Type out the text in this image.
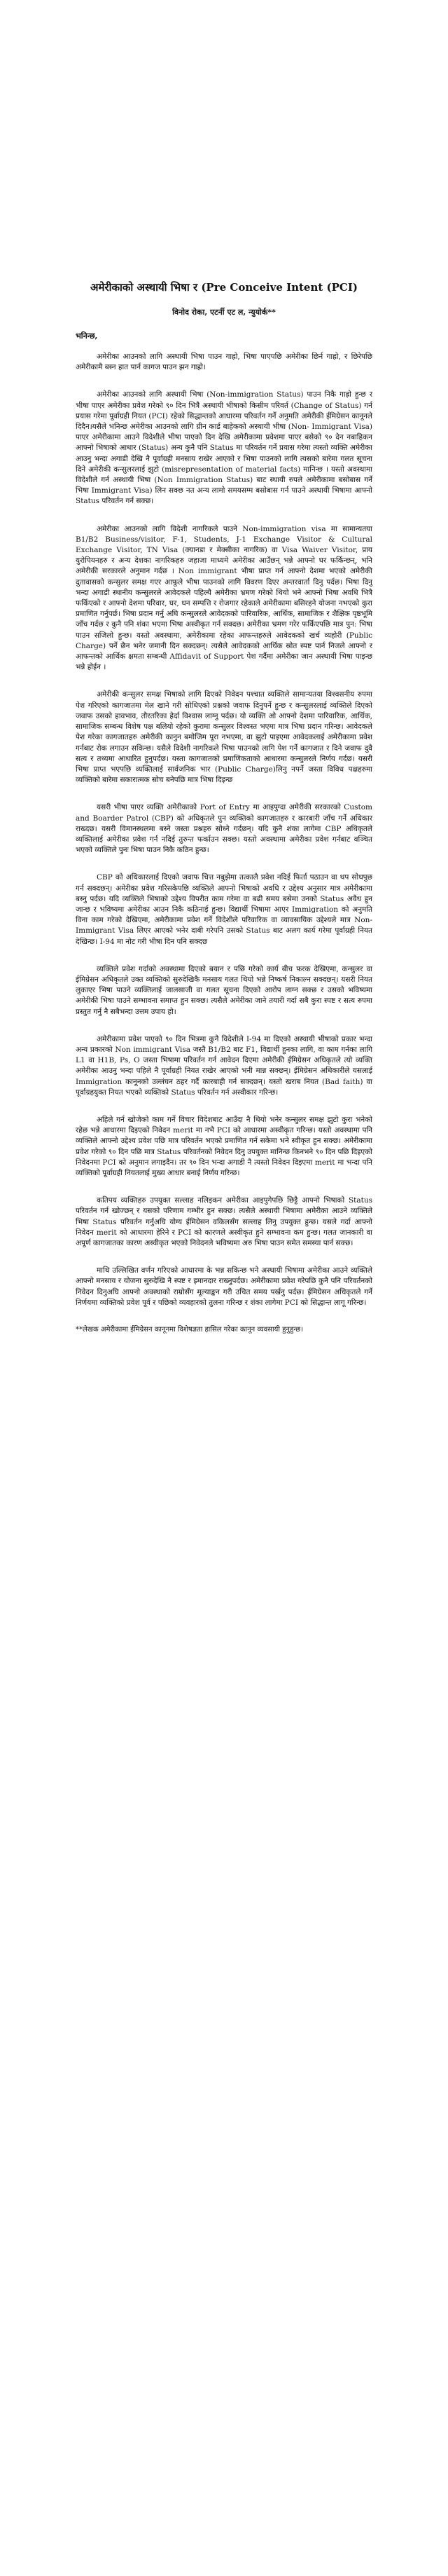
अमेरीकाको अस्थायी भिषा र (Pre Conceive Intent (PCI)
विनोद रोका, एटर्नी एट ल, न्युयोर्क**
भनिन्छ,

अमेरीका आउनको लागि अस्थायी भिषा पाउन गाह्रो, भिषा पाएपछि अमेरीका छिर्न गाह्रो, र छिरेपछि अमेरीकामै बस्न हात पार्न कागज पाउन झन गाह्रो।

अमेरीका आउनको लागि अस्थायी भिषा (Non-immigration Status) पाउन निकै गाह्रो हुन्छ र भीषा पाएर अमेरीका प्रवेश गरेको ९० दिन भित्रै अस्थायी भीषाको किसीम परिवर्त (Change of Status) गर्न प्रयास गरेमा पूर्वाग्रही नियत (PCI) रहेको सिद्धान्तको आधारमा परिवर्तन गर्ने अनुमति अमेरीकी ईमिग्रेसन कानूनले दिदैन।यसैले भनिन्छ अमेरीका आउनको लागि ग्रीन कार्ड बाहेकको अस्थायी भीषा (Non- Immigrant Visa) पाएर अमेरीकामा आउने विदेशीले भीषा पाएको दिन देखि अमेरीकामा प्रवेशमा पाएर बसेको ९० देन नबाहिकन आफ्नो भिषाको आधार (Status) अन्य कुनै पनि Status मा परिवर्तन गर्ने प्रयास गरेमा त्यस्तो व्यक्ति अमेरीका आउनु भन्दा अगाडी देखि नै पूर्वाग्रही मनसाय राखेर आएको र भिषा पाउनको लागि त्यसको बारेमा गलत सूचना दिने अमेरीकी कन्सुलरलाई झुटो (misrepresentation of material facts) मानिन्छ । यस्तो अवस्थामा विदेशीले गर्न अस्थायी भिषा (Non Immigration Status) बाट स्थायी रुपले अमेरीकामा बसोबास गर्ने भिषा Immigrant Visa) लिन सक्छ नत अन्य लामो समयसम्म बसोबास गर्न पाउने अस्थायी भिषामा आफ्नो Status परिवर्तन गर्न सक्छ।

अमेरीका आउनको लागि विदेशी नागरिकले पाउने Non-immigration visa मा सामान्यतया B1/B2 Business/visitor, F-1, Students, J-1 Exchange Visitor & Cultural Exchange Visitor, TN Visa (क्यानडा र मेक्सीका नागरिक) वा Visa Waiver Visitor, प्राय युरोपियनहरु र अन्य देशका नागरिकहरु जहाजा माध्यमे अमेरीका आउँछन् भन्ने आफ्नो घर फर्किन्छन्, भनि अमेरीकी सरकारले अनुमान गर्दछ । Non immigrant भीषा प्राप्त गर्न आफ्नो देशमा भएको अमेरीकी दुतावासको कन्सुलर समक्ष गएर आफूले भीषा पाउनको लागि विवरण दिएर अन्तरवार्ता दिनु पर्दछ। भिषा दिनु भन्दा अगाडी स्थानीय कन्सुलरले आवेदकले पहिल्यै अमेरीका भ्रमण गरेको थियो भने आफ्नो भिषा अवधि भित्रै फर्किएको र आफ्नो देशमा परिवार, घर, धन सम्पत्ति र रोजगार रहेकाले अमेरीकामा बसिरहने योजना नभएको कुरा प्रमाणित गर्नुपर्छ। भिषा प्रदान गर्नु अघि कन्सुलरले आवेदकको पारिवारिक, आर्थिक, सामाजिक र शैक्षिक पृष्ठभूमि जाँच गर्दछ र कुनै पनि शंका भएमा भिषा अस्वीकृत गर्न सक्दछ। अमेरीका भ्रमण गरेर फर्किएपछि मात्र पुन: भिषा पाउन सजिलो हुन्छ। यस्तो अवस्थामा, अमेरीकामा रहेका आफन्तहरुले आवेदकको खर्च व्यहोरी (Public Charge) पर्ने छैन भनेर जमानी दिन सक्दछन्। त्यसैले आवेदकको आर्थिक स्रोत स्पष्ट पार्न निजले आफ्नो र आफन्तको आर्थिक क्षमता सम्बन्धी Affidavit of Support पेश गर्दैमा अमेरीका जान अस्थायी भिषा पाइन्छ भन्ने होईन ।

अमेरीकी कन्सुलर समक्ष भिषाको लागि दिएको निवेदन पश्चात व्यक्तिले सामान्यतया विश्वसनीय रुपमा पेश गरिएको कागजातमा मेल खाने गरी सोधिएको प्रश्नको जवाफ दिनुपर्ने हुन्छ र कन्सुलरलाई व्यक्तिले दिएको जवाफ उसको हावभाव, तौरतरिका हेर्दा विश्वास लाग्नु पर्दछ। यो व्यक्ति ओ आफ्नो देशमा पारिवारिक, आर्थिक, सामाजिक सम्बन्ध विशेष पक्ष बलियो रहेको कुरामा कन्सुलर विश्वस्त भएमा मात्र भिषा प्रदान गरिन्छ। आवेदकले पेश गरेका कागजातहरु अमेरीकी कानुन बमोजिम पूरा नभएमा, वा झुटो पाइएमा आवेदकलाई अमेरीकामा प्रवेश गर्नबाट रोक लगाउन सकिन्छ। यसैले विदेशी नागरिकले भिषा पाउनको लागि पेश गर्ने कागजात र दिने जवाफ दुवै सत्य र तथ्यमा आधारित हुनुपर्दछ। यस्ता कागजातको प्रमाणिकताको आधारमा कन्सुलरले निर्णय गर्दछ। यसरी भिषा प्राप्त भएपछि व्यक्तिलाई सार्वजनिक भार (Public Charge)लिनु नपर्ने जस्ता विविध पक्षहरुमा व्यक्तिको बारेमा सकारात्मक सोच बनेपछि मात्र भिषा दिइन्छ

यसरी भीषा पाएर व्यक्ति अमेरीकाको Port of Entry मा आइपुग्दा अमेरीकी सरकारको Custom and Boarder Patrol (CBP) को अधिकृतले पुन व्यक्तिको कागजातहरु र कारबारी जाँच गर्ने अधिकार राख्दछ। यसरी विमानस्थलमा बस्ने जस्ता प्रश्नहरु सोध्ने गर्दछन्। यदि कुनै शंका लागेमा CBP अधिकृतले व्यक्तिलाई अमेरीका प्रवेश गर्न नदिई तुरुन्त फर्काउन सक्छ। यस्तो अवस्थामा अमेरीका प्रवेश गर्नबाट वञ्चित भएको व्यक्तिले पुनः भिषा पाउन निकै कठिन हुन्छ।

CBP को अधिकारलाई दिएको जवाफ चित्त नबुझेमा तत्कालै प्रवेश नदिई फिर्ता पठाउन वा थप सोधपुछ गर्न सक्दछन्। अमेरीका प्रवेश गरिसकेपछि व्यक्तिले आफ्नो भिषाको अवधि र उद्देश्य अनुसार मात्र अमेरीकामा बस्नु पर्दछ। यदि व्यक्तिले भिषाको उद्देश्य विपरीत काम गरेमा वा बढी समय बसेमा उनको Status अवैध हुन जान्छ र भविष्यमा अमेरीका आउन निकै कठिनाई हुन्छ। विद्यार्थी भिषामा आएर Immigration को अनुमति विना काम गरेको देखिएमा, अमेरीकामा प्रवेश गर्ने विदेशीले परिवारिक वा व्यावसायिक उद्देश्यले मात्र Non- Immigrant Visa लिएर आएको भनेर दाबी गरेपनि उसको Status बाट अलग कार्य गरेमा पूर्वाग्रही नियत देखिन्छ। I-94 मा नोट गरी भीषा दिन पनि सक्दछ

व्यक्तिले प्रवेश गर्दाको अवस्थामा दिएको बयान र पछि गरेको कार्य बीच फरक देखिएमा, कन्सुलर वा ईमिग्रेसन अधिकृतले उक्त व्यक्तिको सुरुदेखिकै मनसाय गलत थियो भन्ने निष्कर्ष निकाल्न सक्दछन्। यसरी नियत लुकाएर भिषा पाउने व्यक्तिलाई जालसाजी वा गलत सूचना दिएको आरोप लाग्न सक्छ र उसको भविष्यमा अमेरीकी भिषा पाउने सम्भावना समाप्त हुन सक्छ। त्यसैले अमेरीका जाने तयारी गर्दा सबै कुरा स्पष्ट र सत्य रुपमा प्रस्तुत गर्नु नै सबैभन्दा उत्तम उपाय हो।

अमेरीकामा प्रवेश पाएको ९० दिन भित्रमा कुनै विदेशीले I-94 मा दिएको अस्थायी भीषाको प्रकार भन्दा अन्य प्रकारको Non immigrant Visa जस्तै B1/B2 बाट F1, विद्यार्थी हुनका लागि, वा काम गर्नका लागि L1 वा H1B, Ps, O जस्ता भिषामा परिवर्तन गर्न आवेदन दिएमा अमेरीकी ईमिग्रेसन अधिकृतले त्यो व्यक्ति अमेरीका आउनु भन्दा पहिले नै पूर्वाग्रही नियत राखेर आएको भनी मान्न सक्छन्। ईमिग्रेसन अधिकारीले यसलाई Immigration कानूनको उल्लंघन ठहर गर्दै कारबाही गर्न सक्दछन्। यस्तो खराब नियत (Bad faith) वा पूर्वाग्रहयुक्त नियत भएको व्यक्तिको Status परिवर्तन गर्न अस्वीकार गरिन्छ।

अहिले गर्न खोजेको काम गर्ने विचार विदेशबाट आउँदा नै थियो भनेर कन्सुलर समक्ष झुटो कुरा भनेको रहेछ भन्ने आधारमा दिइएको निवेदन merit मा नभै PCI को आधारमा अस्वीकृत गरिन्छ। यस्तो अवस्थामा पनि व्यक्तिले आफ्नो उद्देश्य प्रवेश पछि मात्र परिवर्तन भएको प्रमाणित गर्न सकेमा भने स्वीकृत हुन सक्छ। अमेरीकामा प्रवेश गरेको ९० दिन पछि मात्र Status परिवर्तनको निवेदन दिनु उपयुक्त मानिन्छ किनभने ९० दिन पछि दिइएको निवेदनमा PCI को अनुमान लगाइदैन। तर ९० दिन भन्दा अगाडी नै त्यस्तो निवेदन दिइएमा merit मा भन्दा पनि व्यक्तिको पूर्वाग्रही नियतलाई मुख्य आधार बनाई निर्णय गरिन्छ।

कतिपय व्यक्तिहरु उपयुक्त सल्लाह नलिइकन अमेरीका आइपुगेपछि छिट्टै आफ्नो भिषाको Status परिवर्तन गर्न खोज्छन् र यसको परिणाम गम्भीर हुन सक्छ। त्यसैले अस्थायी भिषामा अमेरीका आउने व्यक्तिले भिषा Status परिवर्तन गर्नुअघि योग्य ईमिग्रेसन वकिलसँग सल्लाह लिनु उपयुक्त हुन्छ। यसले गर्दा आफ्नो निवेदन merit को आधारमा हेरिने र PCI को कारणले अस्वीकृत हुने सम्भावना कम हुन्छ। गलत जानकारी वा अपूर्ण कागजातका कारण अस्वीकृत भएको निवेदनले भविष्यमा अरु भिषा पाउन समेत समस्या पार्न सक्छ।

माथि उल्लिखित वर्णन गरिएको आधारमा के भन्न सकिन्छ भने अस्थायी भिषामा अमेरीका आउने व्यक्तिले आफ्नो मनसाय र योजना सुरुदेखि नै स्पष्ट र इमानदार राख्नुपर्दछ। अमेरीकामा प्रवेश गरेपछि कुनै पनि परिवर्तनको निवेदन दिनुअघि आफ्नो अवस्थाको राम्रोसँग मूल्याङ्कन गरी उचित समय पर्खनु पर्दछ। ईमिग्रेसन अधिकृतले गर्ने निर्णयमा व्यक्तिको प्रवेश पूर्व र पछिको व्यवहारको तुलना गरिन्छ र शंका लागेमा PCI को सिद्धान्त लागू गरिन्छ।

**लेखक अमेरीकामा ईमिग्रेसन कानूनमा विशेषज्ञता हासिल गरेका कानून व्यवसायी हुनुहुन्छ।
